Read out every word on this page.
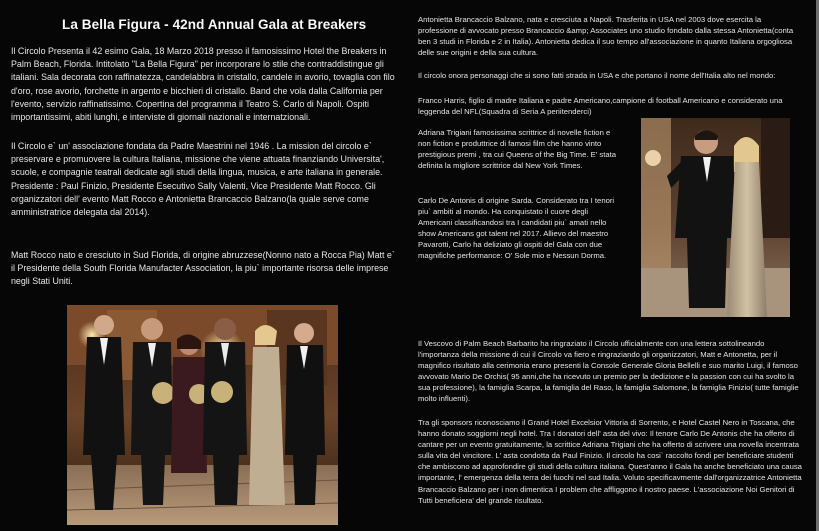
La Bella Figura - 42nd Annual Gala at Breakers

Il Circolo Presenta il 42 esimo Gala, 18 Marzo 2018 presso il famosissimo Hotel the Breakers in Palm Beach, Florida. Intitolato "La Bella Figura" per incorporare lo stile che contraddistingue gli italiani. Sala decorata con raffinatezza, candelabbra in cristallo, candele in avorio, tovaglia con filo d'oro, rose avorio, forchette in argento e bicchieri di cristallo. Band che vola dalla California per l'evento, servizio raffinatissimo. Copertina del programma il Teatro S. Carlo di Napoli. Ospiti importantissimi, abiti lunghi, e interviste di giornali nazionali e internatzionali.

Il Circolo e` un' associazione fondata da Padre Maestrini nel 1946 . La mission del circolo e` preservare e promuovere la cultura Italiana, missione che viene attuata finanziando Universita', scuole, e compagnie teatrali dedicate agli studi della lingua, musica, e arte italiana in generale. Presidente : Paul Finizio, Presidente Esecutivo Sally Valenti, Vice Presidente Matt Rocco. Gli organizzatori dell' evento Matt Rocco e Antonietta Brancaccio Balzano(la quale serve come amministratrice delegata dal 2014).

Matt Rocco nato e cresciuto in Sud Florida, di origine abruzzese(Nonno nato a Rocca Pia) Matt e` il Presidente della South Florida Manufacter Association, la piu` importante risorsa delle imprese negli Stati Uniti.

Antonietta Brancaccio Balzano, nata e cresciuta a Napoli. Trasferita in USA nel 2003 dove esercita la professione di avvocato presso Brancaccio &amp; Associates uno studio fondato dalla stessa Antonietta(conta ben 3 studi in Florida e 2 in Italia). Antonietta dedica il suo tempo all'associazione in quanto Italiana orgogliosa delle sue origini e della sua cultura.

Il circolo onora personaggi che si sono fatti strada in USA e che portano il nome dell'Italia alto nel mondo:

Franco Harris, figlio di madre Italiana e padre Americano,campione di football Americano e considerato una leggenda del NFL(Squadra di Seria A periitenderci)

Adriana Trigiani famosissima scrittrice di novelle fiction e non fiction e produttrice di famosi film che hanno vinto prestigious premi , tra cui Queens of the Big Time. E' stata definita la migliore scrittrice dal New York Times.

Carlo De Antonis di origine Sarda. Considerato tra I tenori piu` ambiti al mondo. Ha conquistato il cuore degli Americani classificandosi tra I candidati piu` amati nello show Americans got talent nel 2017. Allievo del maestro Pavarotti, Carlo ha deliziato gli ospiti del Gala con due magnifiche performance: O' Sole mio e Nessun Dorma.

Il Vescovo di Palm Beach Barbarito ha ringraziato il Circolo ufficialmente con una lettera sottolineando l'importanza della missione di cui il Circolo va fiero e ringraziando gli organizzatori, Matt e Antonetta, per il magnifico risultato alla cerimonia erano presenti la Console Generale Gloria Bellelli e suo marito Luigi, il famoso avvovato Mario De Orchis( 95 anni,che ha ricevuto un premio per la dedizione e la passion con cui ha svolto la sua professione), la famiglia Scarpa, la famiglia del Raso, la famiglia Salomone, la famiglia Finizio( tutte famiglie molto influenti).

Tra gli sponsors riconosciamo il Grand Hotel Excelsior Vittoria di Sorrento, e Hotel Castel Nero in Toscana, che hanno donato soggiorni negli hotel. Tra I donatori dell' asta del vivo: Il tenore Carlo De Antonis che ha offerto di cantare per un evento gratuitamente, la scrittice Adriana Trigiani che ha offerto di scrivere una novella incentrata sulla vita del vincitore. L' asta condotta da Paul Finizio. Il circolo ha cosi` raccolto fondi per beneficiare studenti che ambiscono ad approfondire gli studi della cultura italiana. Quest'anno il Gala ha anche beneficiato una causa importante, l' emergenza della terra dei fuochi nel sud Italia. Voluto specificavmente dall'organizzatrice Antonietta Brancaccio Balzano per i non dimentica I problem che affliggono il nostro paese. L'associazione Noi Genitori di Tutti beneficiera' del grande risultato.
